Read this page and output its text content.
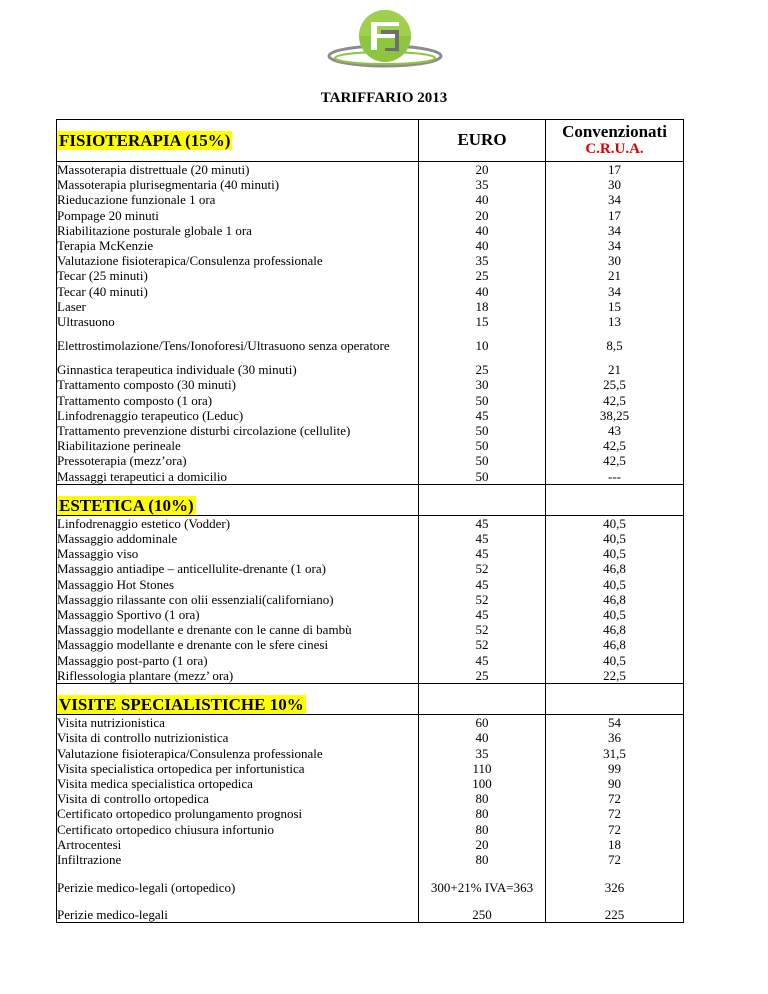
TARIFFARIO 2013
FISIOTERAPIA (15%)	EURO	Convenzionati
C.R.U.A.

Massoterapia distrettuale (20 minuti)	20	17
Massoterapia plurisegmentaria (40 minuti)	35	30
Rieducazione funzionale 1 ora	40	34
Pompage 20 minuti	20	17
Riabilitazione posturale globale 1 ora	40	34
Terapia McKenzie	40	34
Valutazione fisioterapica/Consulenza professionale	35	30
Tecar (25 minuti)	25	21
Tecar (40 minuti)	40	34
Laser	18	15
Ultrasuono	15	13
Elettrostimolazione/Tens/Ionoforesi/Ultrasuono senza operatore	10	8,5
Ginnastica terapeutica individuale (30 minuti)	25	21
Trattamento composto (30 minuti)	30	25,5
Trattamento composto (1 ora)	50	42,5
Linfodrenaggio terapeutico (Leduc)	45	38,25
Trattamento prevenzione disturbi circolazione (cellulite)	50	43
Riabilitazione perineale	50	42,5
Pressoterapia (mezz’ora)	50	42,5
Massaggi terapeutici a domicilio	50	---
ESTETICA (10%)		
Linfodrenaggio estetico (Vodder)	45	40,5
Massaggio addominale	45	40,5
Massaggio viso	45	40,5
Massaggio antiadipe – anticellulite-drenante (1 ora)	52	46,8
Massaggio Hot Stones	45	40,5
Massaggio rilassante con olii essenziali(californiano)	52	46,8
Massaggio Sportivo (1 ora)	45	40,5
Massaggio modellante e drenante con le canne di bambù	52	46,8
Massaggio modellante e drenante con le sfere cinesi	52	46,8
Massaggio post-parto (1 ora)	45	40,5
Riflessologia plantare (mezz’ ora)	25	22,5
VISITE SPECIALISTICHE 10%		
Visita nutrizionistica	60	54
Visita di controllo nutrizionistica	40	36
Valutazione fisioterapica/Consulenza professionale	35	31,5
Visita specialistica ortopedica per infortunistica	110	99
Visita medica specialistica ortopedica	100	90
Visita di controllo ortopedica	80	72
Certificato ortopedico prolungamento prognosi	80	72
Certificato ortopedico chiusura infortunio	80	72
Artrocentesi	20	18
Infiltrazione	80	72
Perizie medico-legali (ortopedico)	300+21% IVA=363	326
Perizie medico-legali	250	225
